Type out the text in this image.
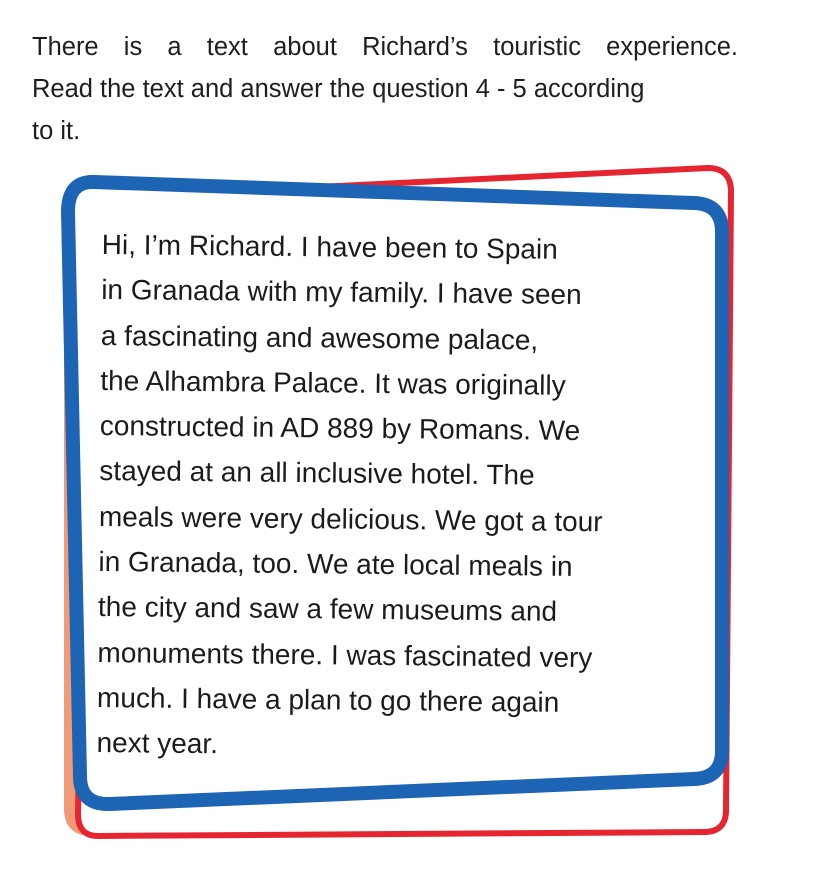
There is a text about Richard’s touristic experience.
Read the text and answer the question 4 - 5 according
to it.
Hi, I’m Richard. I have been to Spain
in Granada with my family. I have seen
a fascinating and awesome palace,
the Alhambra Palace. It was originally
constructed in AD 889 by Romans. We
stayed at an all inclusive hotel. The
meals were very delicious. We got a tour
in Granada, too. We ate local meals in
the city and saw a few museums and
monuments there. I was fascinated very
much. I have a plan to go there again
next year.
